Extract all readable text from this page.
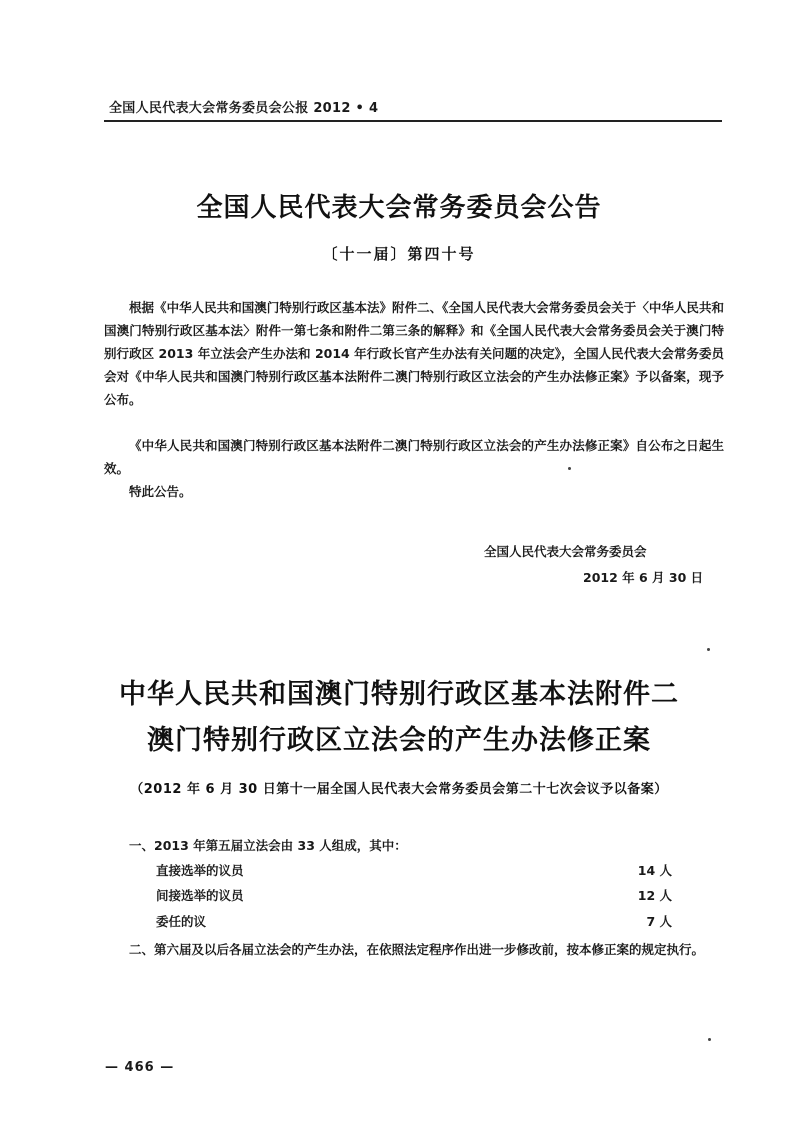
全国人民代表大会常务委员会公报 2012 • 4
全国人民代表大会常务委员会公告
〔十一届〕第四十号
根据《中华人民共和国澳门特别行政区基本法》附件二、《全国人民代表大会常务委员会关于〈中华人民共和国澳门特别行政区基本法〉附件一第七条和附件二第三条的解释》和《全国人民代表大会常务委员会关于澳门特别行政区 2013 年立法会产生办法和 2014 年行政长官产生办法有关问题的决定》，全国人民代表大会常务委员会对《中华人民共和国澳门特别行政区基本法附件二澳门特别行政区立法会的产生办法修正案》予以备案，现予公布。
《中华人民共和国澳门特别行政区基本法附件二澳门特别行政区立法会的产生办法修正案》自公布之日起生效。
特此公告。
全国人民代表大会常务委员会
2012 年 6 月 30 日
中华人民共和国澳门特别行政区基本法附件二
澳门特别行政区立法会的产生办法修正案
（2012 年 6 月 30 日第十一届全国人民代表大会常务委员会第二十七次会议予以备案）
一、2013 年第五届立法会由 33 人组成，其中：
直接选举的议员	14 人
间接选举的议员	12 人
委任的议	7 人
二、第六届及以后各届立法会的产生办法，在依照法定程序作出进一步修改前，按本修正案的规定执行。
— 466 —
